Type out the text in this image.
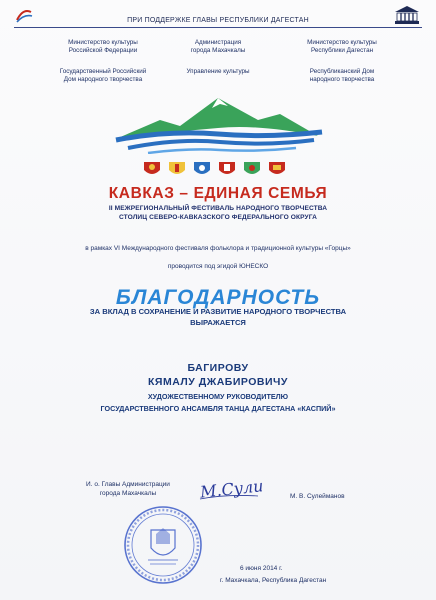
ПРИ ПОДДЕРЖКЕ ГЛАВЫ РЕСПУБЛИКИ ДАГЕСТАН
Министерство культуры
Российской Федерации
Администрация
города Махачкалы
Министерство культуры
Республики Дагестан
Государственный Российский
Дом народного творчества
Управление культуры	Республиканский Дом
народного творчества
КАВКАЗ – ЕДИНАЯ СЕМЬЯ
II МЕЖРЕГИОНАЛЬНЫЙ ФЕСТИВАЛЬ НАРОДНОГО ТВОРЧЕСТВА
СТОЛИЦ СЕВЕРО-КАВКАЗСКОГО ФЕДЕРАЛЬНОГО ОКРУГА
в рамках VI Международного фестиваля фольклора и традиционной культуры «Горцы»
проводится под эгидой ЮНЕСКО
БЛАГОДАРНОСТЬ
ЗА ВКЛАД В СОХРАНЕНИЕ И РАЗВИТИЕ НАРОДНОГО ТВОРЧЕСТВА
ВЫРАЖАЕТСЯ
БАГИРОВУ
КЯМАЛУ ДЖАБИРОВИЧУ
ХУДОЖЕСТВЕННОМУ РУКОВОДИТЕЛЮ
ГОСУДАРСТВЕННОГО АНСАМБЛЯ ТАНЦА ДАГЕСТАНА «КАСПИЙ»
И. о. Главы Администрации
города Махачкалы	М.Сули	М. В. Сулейманов
6 июня 2014 г.
г. Махачкала, Республика Дагестан
